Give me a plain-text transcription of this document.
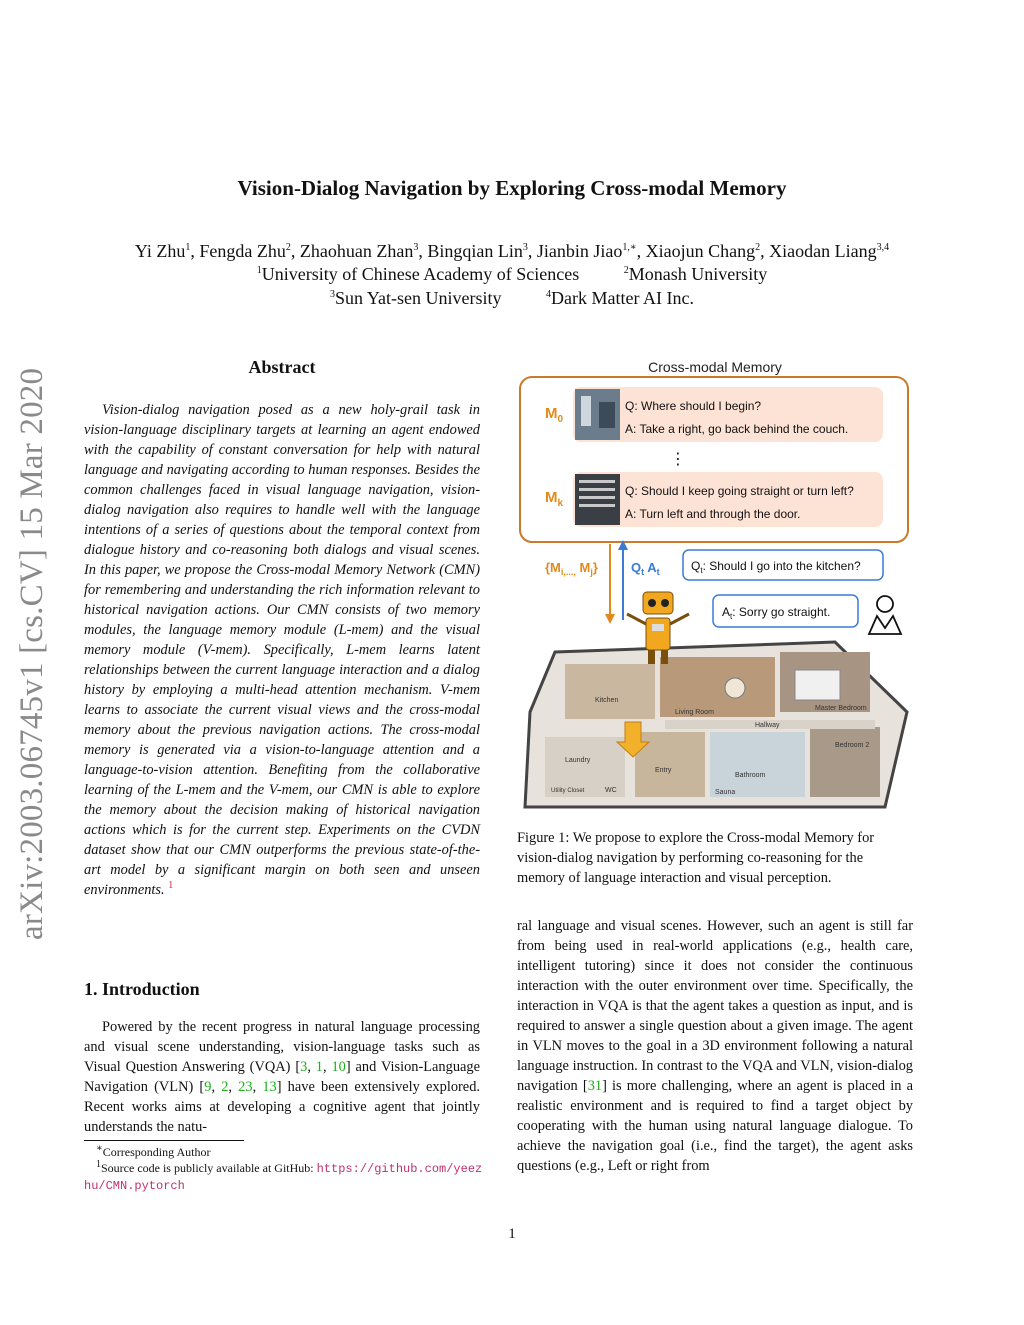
Vision-Dialog Navigation by Exploring Cross-modal Memory
Yi Zhu$^1$, Fengda Zhu$^2$, Zhaohuan Zhan$^3$, Bingqian Lin$^3$, Jianbin Jiao$^{1,∗}$, Xiaojun Chang$^2$, Xiaodan Liang$^{3,4}$
$^1$University of Chinese Academy of Sciences	$^2$Monash University
$^3$Sun Yat-sen University	$^4$Dark Matter AI Inc.
arXiv:2003.06745v1 [cs.CV] 15 Mar 2020
Abstract
Vision-dialog navigation posed as a new holy-grail task in vision-language disciplinary targets at learning an agent endowed with the capability of constant conversation for help with natural language and navigating according to human responses. Besides the common challenges faced in visual language navigation, vision-dialog navigation also requires to handle well with the language intentions of a series of questions about the temporal context from dialogue history and co-reasoning both dialogs and visual scenes. In this paper, we propose the Cross-modal Memory Network (CMN) for remembering and understanding the rich information relevant to historical navigation actions. Our CMN consists of two memory modules, the language memory module (L-mem) and the visual memory module (V-mem). Specifically, L-mem learns latent relationships between the current language interaction and a dialog history by employing a multi-head attention mechanism. V-mem learns to associate the current visual views and the cross-modal memory about the previous navigation actions. The cross-modal memory is generated via a vision-to-language attention and a language-to-vision attention. Benefiting from the collaborative learning of the L-mem and the V-mem, our CMN is able to explore the memory about the decision making of historical navigation actions which is for the current step. Experiments on the CVDN dataset show that our CMN outperforms the previous state-of-the-art model by a significant margin on both seen and unseen environments. $^1$
1. Introduction
Powered by the recent progress in natural language processing and visual scene understanding, vision-language tasks such as Visual Question Answering (VQA) [3, 1, 10] and Vision-Language Navigation (VLN) [9, 2, 23, 13] have been extensively explored. Recent works aims at developing a cognitive agent that jointly understands the natu-
∗Corresponding Author
$^1$Source code is publicly available at GitHub: https://github.com/yeezhu/CMN.pytorch
Cross-modal Memory
$M_0$
Q: Where should I begin?
A: Take a right, go back behind the couch.
⋮
$M_k$
Q: Should I keep going straight or turn left?
A: Turn left and through the door.
{$M_{i,...,}$ $M_j$}	$Q_t$ $A_t$	$Q_t$: Should I go into the kitchen?
$A_t$: Sorry go straight.
Kitchen
Living Room
Master Bedroom
Hallway
Bedroom 2
Laundry
Entry
Bathroom
Utility Closet	WC	Sauna
Figure 1: We propose to explore the Cross-modal Memory for vision-dialog navigation by performing co-reasoning for the memory of language interaction and visual perception.
ral language and visual scenes. However, such an agent is still far from being used in real-world applications (e.g., health care, intelligent tutoring) since it does not consider the continuous interaction with the outer environment over time. Specifically, the interaction in VQA is that the agent takes a question as input, and is required to answer a single question about a given image. The agent in VLN moves to the goal in a 3D environment following a natural language instruction. In contrast to the VQA and VLN, vision-dialog navigation [31] is more challenging, where an agent is placed in a realistic environment and is required to find a target object by cooperating with the human using natural language dialogue. To achieve the navigation goal (i.e., find the target), the agent asks questions (e.g., Left or right from
1
